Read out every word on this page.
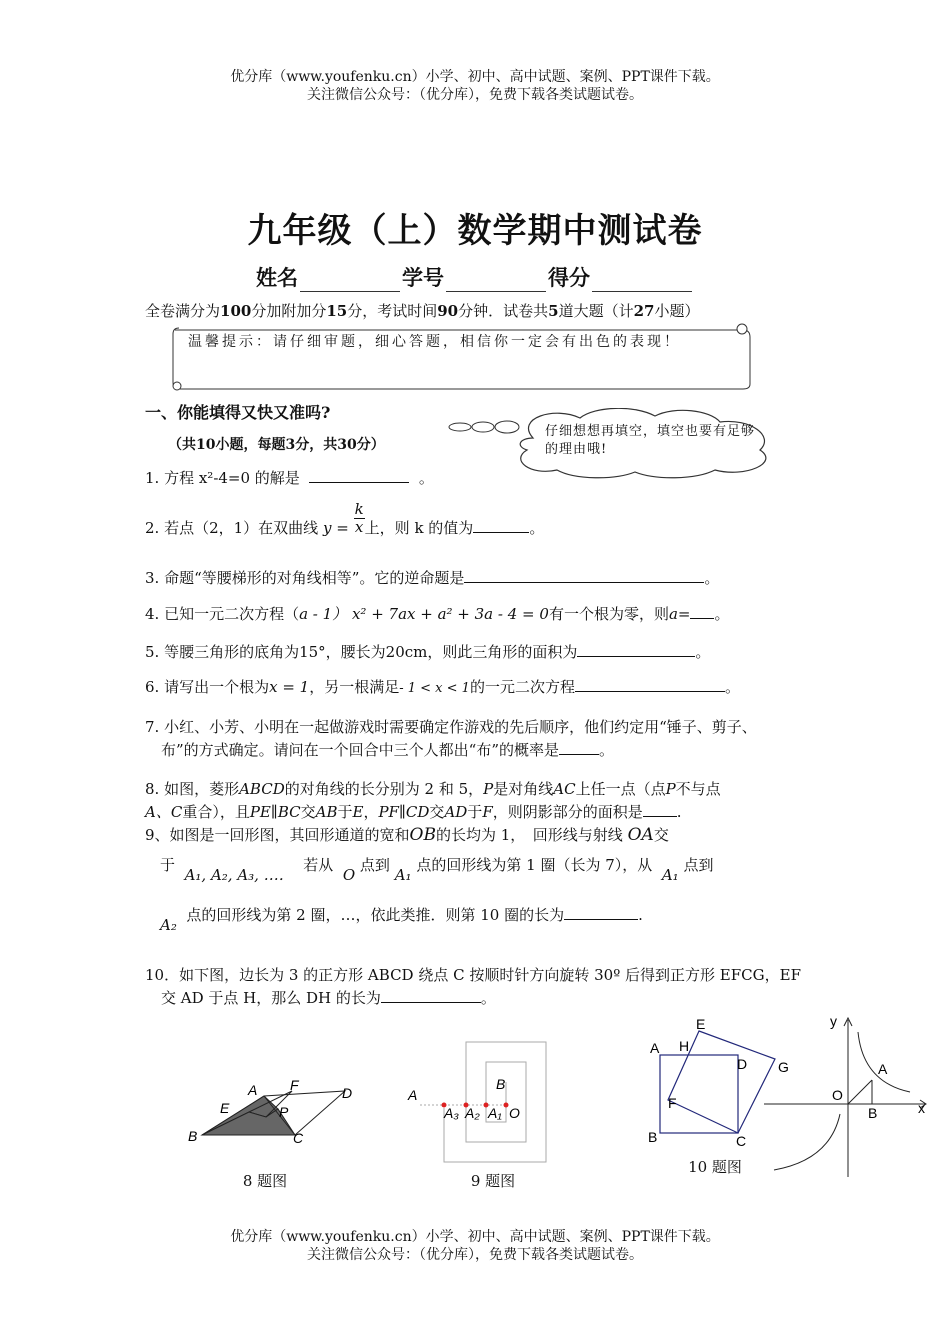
优分库（www.youfenku.cn）小学、初中、高中试题、案例、PPT课件下载。
关注微信公众号：（优分库），免费下载各类试题试卷。
九年级（上）数学期中测试卷
姓名	学号	得分
全卷满分为100分加附加分15分，考试时间90分钟．试卷共5道大题（计27小题）
温馨提示：请仔细审题，细心答题，相信你一定会有出色的表现！
一、你能填得又快又准吗?
（共10小题，每题3分，共30分）
仔细想想再填空，填空也要有足够的理由哦!
1. 方程 x²-4=0 的解是	。
2. 若点（2，1）在双曲线 $y = \frac{k}{x}$ 上，则 k 的值为	。
3. 命题“等腰梯形的对角线相等”。它的逆命题是	。
4. 已知一元二次方程（a - 1） x² + 7ax + a² + 3a - 4 = 0有一个根为零，则a= 。
5. 等腰三角形的底角为15°，腰长为20cm，则此三角形的面积为	。
6. 请写出一个根为x = 1，另一根满足- 1 < x < 1的一元二次方程	。
7. 小红、小芳、小明在一起做游戏时需要确定作游戏的先后顺序，他们约定用“锤子、剪子、
布”的方式确定。请问在一个回合中三个人都出“布”的概率是	。
8. 如图，菱形ABCD的对角线的长分别为 2 和 5，P是对角线AC上任一点（点P不与点
A、C重合），且PE∥BC交AB于E，PF∥CD交AD于F，则阴影部分的面积是 .
9、如图是一回形图，其回形通道的宽和OB的长均为 1，　回形线与射线 OA交
于  A₁, A₂, A₃, …．  若从  O 点到 A₁ 点的回形线为第 1 圈（长为 7），从  A₁ 点到
A₂  点的回形线为第 2 圈，…，依此类推．则第 10 圈的长为	.
10．如下图，边长为 3 的正方形 ABCD 绕点 C 按顺时针方向旋转 30º 后得到正方形 EFCG，EF
交 AD 于点 H，那么 DH 的长为	。
A F	D
E	P
B	C
8 题图
A
A₃ A₂ A₁ O
B
9 题图
A H
E
D G
F
B	C
10 题图
y
x
O
A
B
优分库（www.youfenku.cn）小学、初中、高中试题、案例、PPT课件下载。
关注微信公众号：（优分库），免费下载各类试题试卷。
